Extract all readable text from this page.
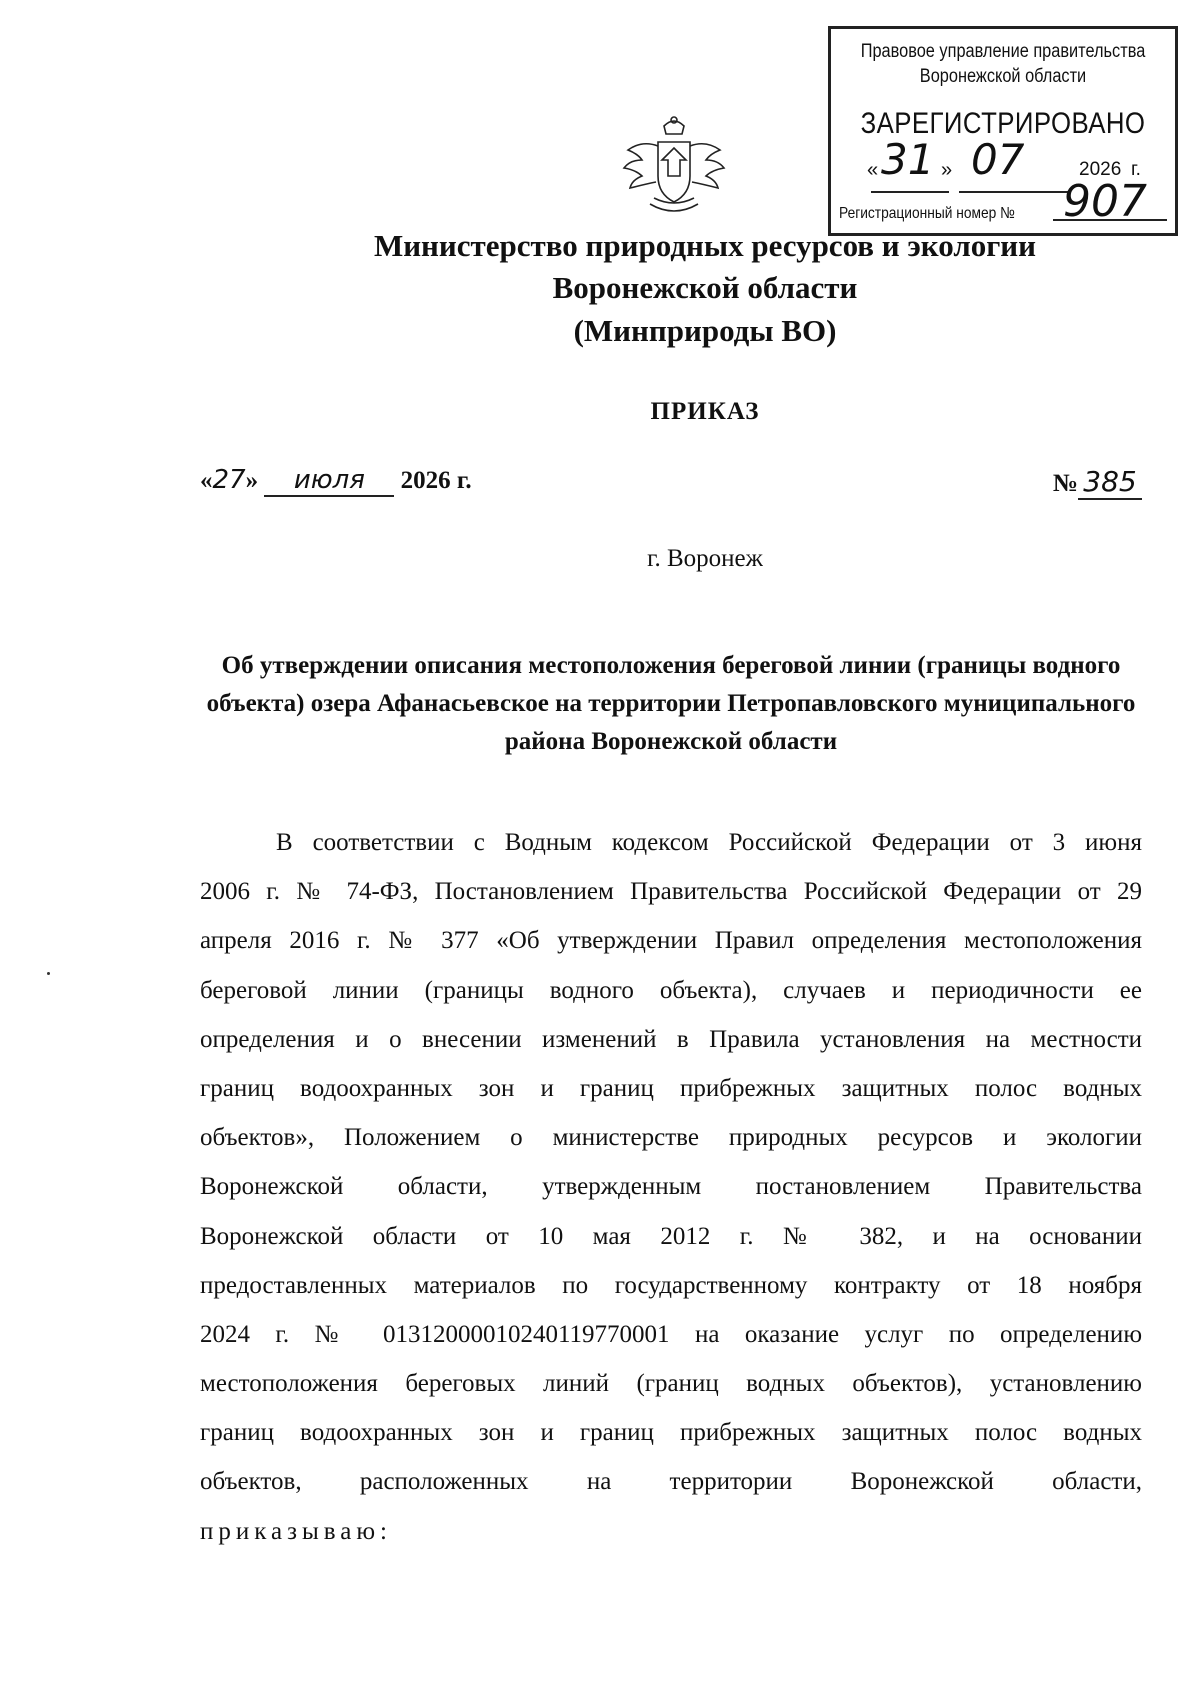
Правовое управление правительства
Воронежской области
ЗАРЕГИСТРИРОВАНО
« 31 » 07	2026 г.
Регистрационный номер № 907
Министерство природных ресурсов и экологии
Воронежской области
(Минприроды ВО)
ПРИКАЗ
«27» июля 2026 г.	№ 385
г. Воронеж
Об утверждении описания местоположения береговой линии (границы водного объекта) озера Афанасьевское на территории Петропавловского муниципального района Воронежской области
В соответствии с Водным кодексом Российской Федерации от 3 июня
2006 г. № 74-ФЗ, Постановлением Правительства Российской Федерации от 29
апреля 2016 г. № 377 «Об утверждении Правил определения местоположения
береговой линии (границы водного объекта), случаев и периодичности ее
определения и о внесении изменений в Правила установления на местности
границ водоохранных зон и границ прибрежных защитных полос водных
объектов», Положением о министерстве природных ресурсов и экологии
Воронежской области, утвержденным постановлением Правительства
Воронежской области от 10 мая 2012 г. № 382, и на основании
предоставленных материалов по государственному контракту от 18 ноября
2024 г. № 0131200001024011977000​1 на оказание услуг по определению
местоположения береговых линий (границ водных объектов), установлению
границ водоохранных зон и границ прибрежных защитных полос водных
объектов, расположенных на территории Воронежской области,
приказываю:
